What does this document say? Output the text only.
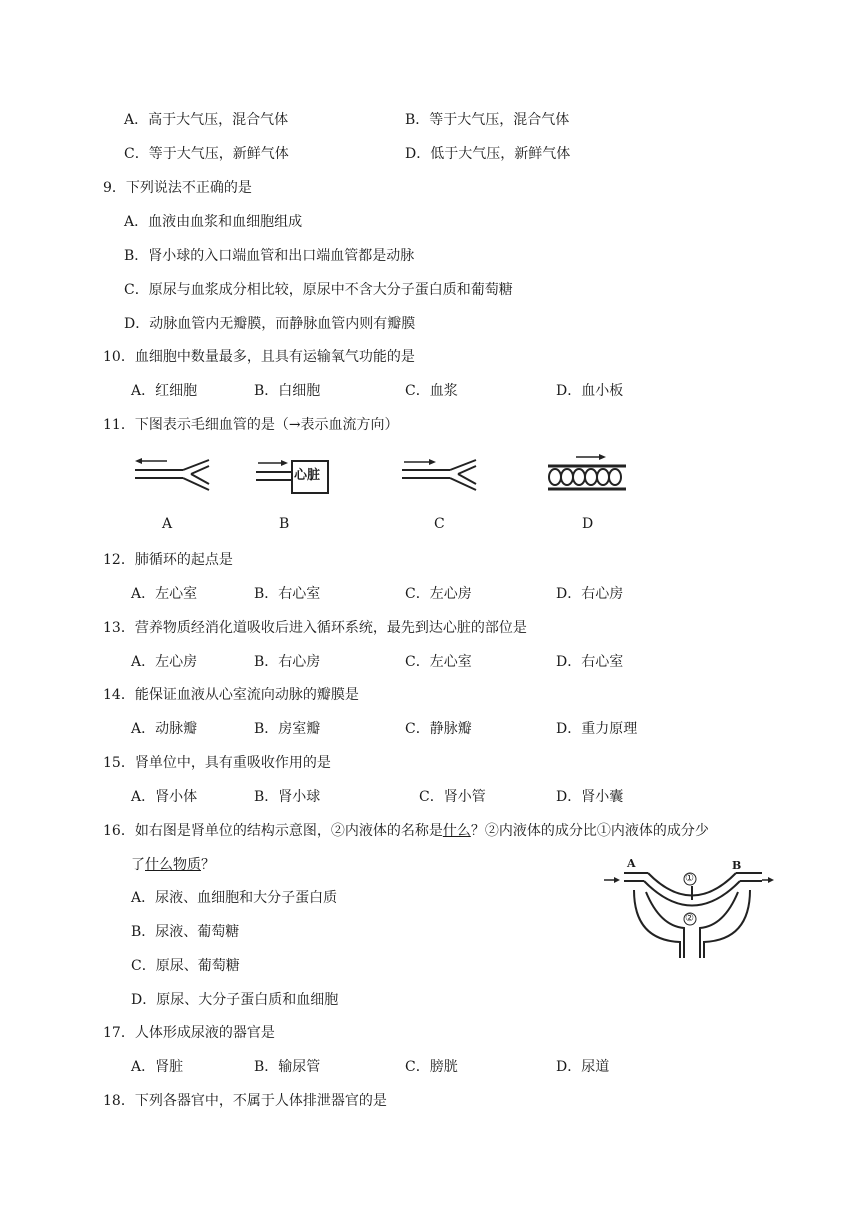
A．高于大气压，混合气体	B．等于大气压，混合气体
C．等于大气压，新鲜气体	D．低于大气压，新鲜气体
9．下列说法不正确的是
A．血液由血浆和血细胞组成
B．肾小球的入口端血管和出口端血管都是动脉
C．原尿与血浆成分相比较，原尿中不含大分子蛋白质和葡萄糖
D．动脉血管内无瓣膜，而静脉血管内则有瓣膜
10．血细胞中数量最多，且具有运输氧气功能的是
A．红细胞	B．白细胞	C．血浆	D．血小板
11．下图表示毛细血管的是（→表示血流方向）
心脏
A	B	C	D
12．肺循环的起点是
A．左心室	B．右心室	C．左心房	D．右心房
13．营养物质经消化道吸收后进入循环系统，最先到达心脏的部位是
A．左心房	B．右心房	C．左心室	D．右心室
14．能保证血液从心室流向动脉的瓣膜是
A．动脉瓣	B．房室瓣	C．静脉瓣	D．重力原理
15．肾单位中，具有重吸收作用的是
A．肾小体	B．肾小球	C．肾小管	D．肾小囊
16．如右图是肾单位的结构示意图，②内液体的名称是什么？②内液体的成分比①内液体的成分少
了什么物质？
A．尿液、血细胞和大分子蛋白质
B．尿液、葡萄糖
C．原尿、葡萄糖
D．原尿、大分子蛋白质和血细胞
A	B
①
②
17．人体形成尿液的器官是
A．肾脏	B．输尿管	C．膀胱	D．尿道
18．下列各器官中，不属于人体排泄器官的是
